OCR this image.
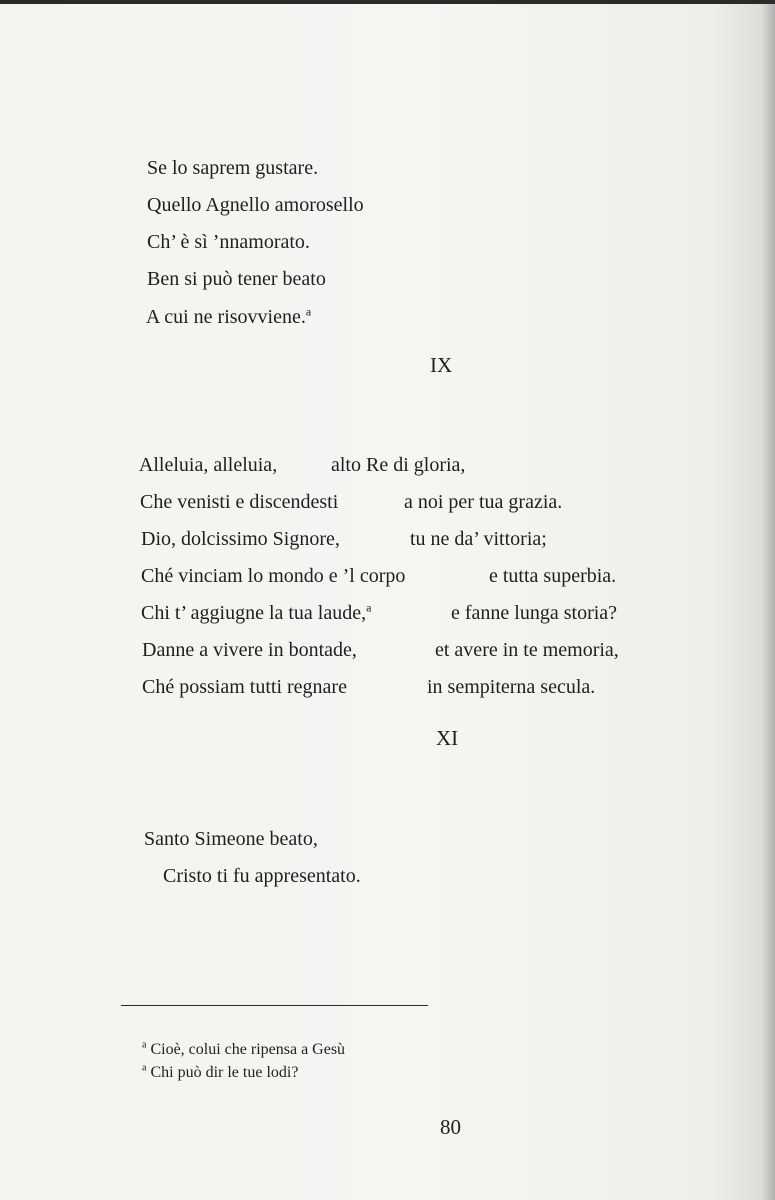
Se lo saprem gustare.

Quello Agnello amorosello

Ch’ è sì ’nnamorato.

Ben si può tener beato

A cui ne risovviene.$^a$

IX

Alleluia, alleluia,
	alto Re di gloria,

Che venisti e discendesti
	a noi per tua grazia.

Dio, dolcissimo Signore,
	tu ne da’ vittoria;

Ché vinciam lo mondo e ’l corpo
	e tutta superbia.

Chi t’ aggiugne la tua laude,$^a$
	e fanne lunga storia?

Danne a vivere in bontade,
	et avere in te memoria,

Ché possiam tutti regnare
	in sempiterna secula.

XI

Santo Simeone beato,

Cristo ti fu appresentato.

$^a$ Cioè, colui che ripensa a Gesù

$^a$ Chi può dir le tue lodi?

80
